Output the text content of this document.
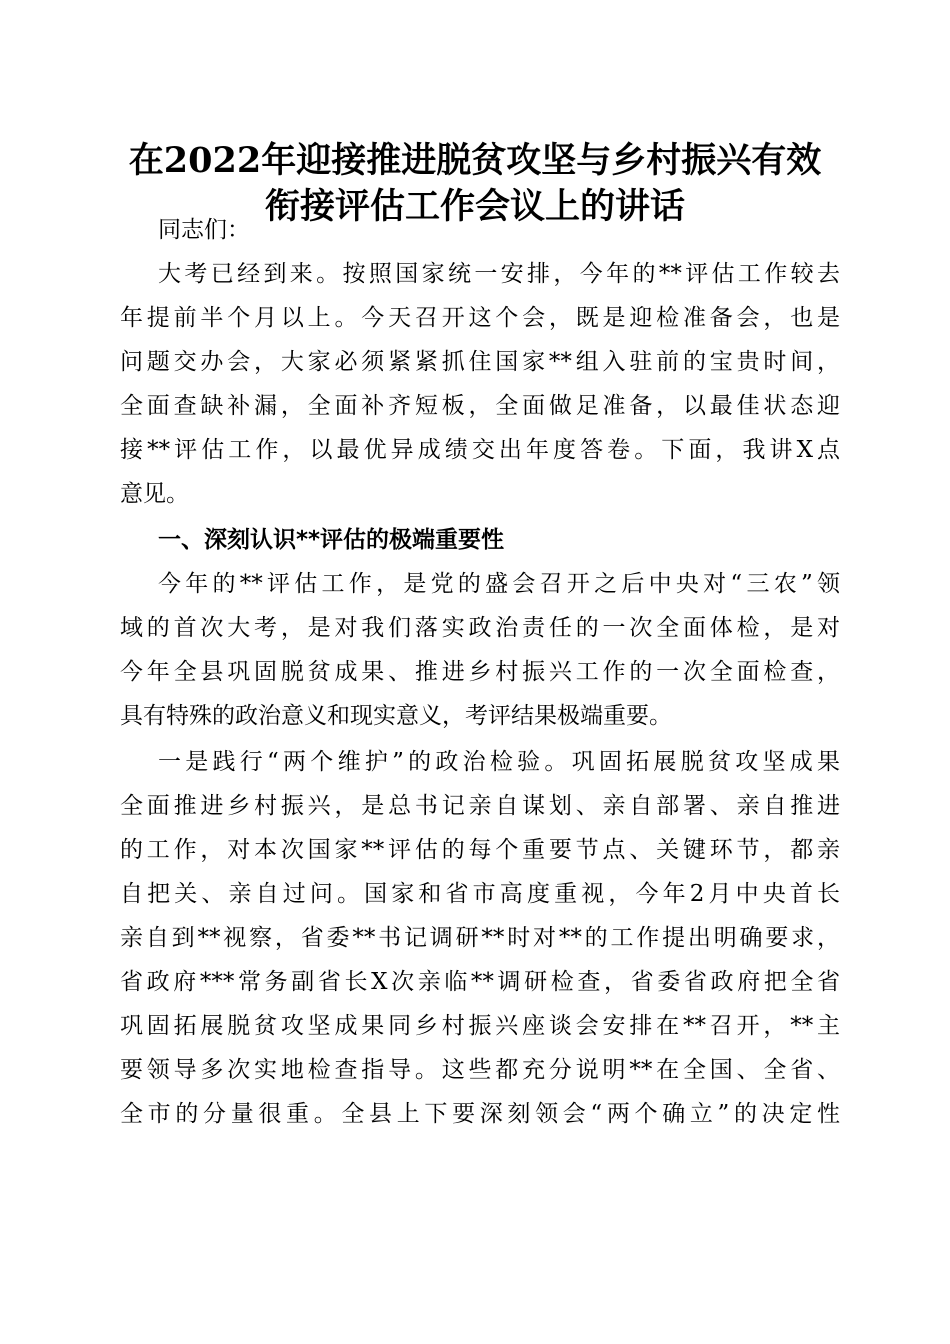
在2022年迎接推进脱贫攻坚与乡村振兴有效
衔接评估工作会议上的讲话

同志们：

大考已经到来。按照国家统一安排，今年的**评估工作较去

年提前半个月以上。今天召开这个会，既是迎检准备会，也是

问题交办会，大家必须紧紧抓住国家**组入驻前的宝贵时间，

全面查缺补漏，全面补齐短板，全面做足准备，以最佳状态迎

接**评估工作，以最优异成绩交出年度答卷。下面，我讲X点

意见。

一、深刻认识**评估的极端重要性

今年的**评估工作，是党的盛会召开之后中央对“三农”领

域的首次大考，是对我们落实政治责任的一次全面体检，是对

今年全县巩固脱贫成果、推进乡村振兴工作的一次全面检查，

具有特殊的政治意义和现实意义，考评结果极端重要。

一是践行“两个维护”的政治检验。巩固拓展脱贫攻坚成果

全面推进乡村振兴，是总书记亲自谋划、亲自部署、亲自推进

的工作，对本次国家**评估的每个重要节点、关键环节，都亲

自把关、亲自过问。国家和省市高度重视，今年2月中央首长

亲自到**视察，省委**书记调研**时对**的工作提出明确要求，

省政府***常务副省长X次亲临**调研检查，省委省政府把全省

巩固拓展脱贫攻坚成果同乡村振兴座谈会安排在**召开，**主

要领导多次实地检查指导。这些都充分说明**在全国、全省、

全市的分量很重。全县上下要深刻领会“两个确立”的决定性
